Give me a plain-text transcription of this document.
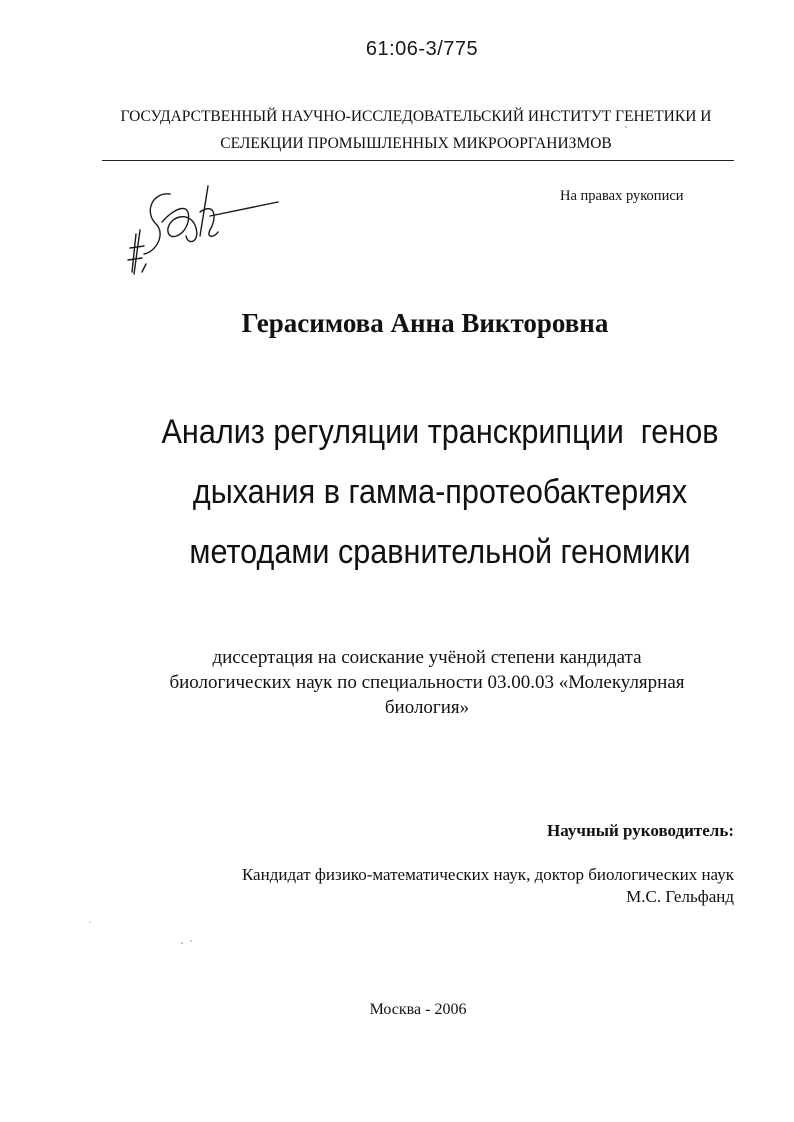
61:06-3/775
ГОСУДАРСТВЕННЫЙ НАУЧНО-ИССЛЕДОВАТЕЛЬСКИЙ ИНСТИТУТ ГЕНЕТИКИ И
СЕЛЕКЦИИ ПРОМЫШЛЕННЫХ МИКРООРГАНИЗМОВ
На правах рукописи
Герасимова Анна Викторовна
Анализ регуляции транскрипции  генов
дыхания в гамма-протеобактериях
методами сравнительной геномики
диссертация на соискание учёной степени кандидата
биологических наук по специальности 03.00.03 «Молекулярная
биология»
Научный руководитель:
Кандидат физико-математических наук, доктор биологических наук
М.С. Гельфанд
Москва - 2006
